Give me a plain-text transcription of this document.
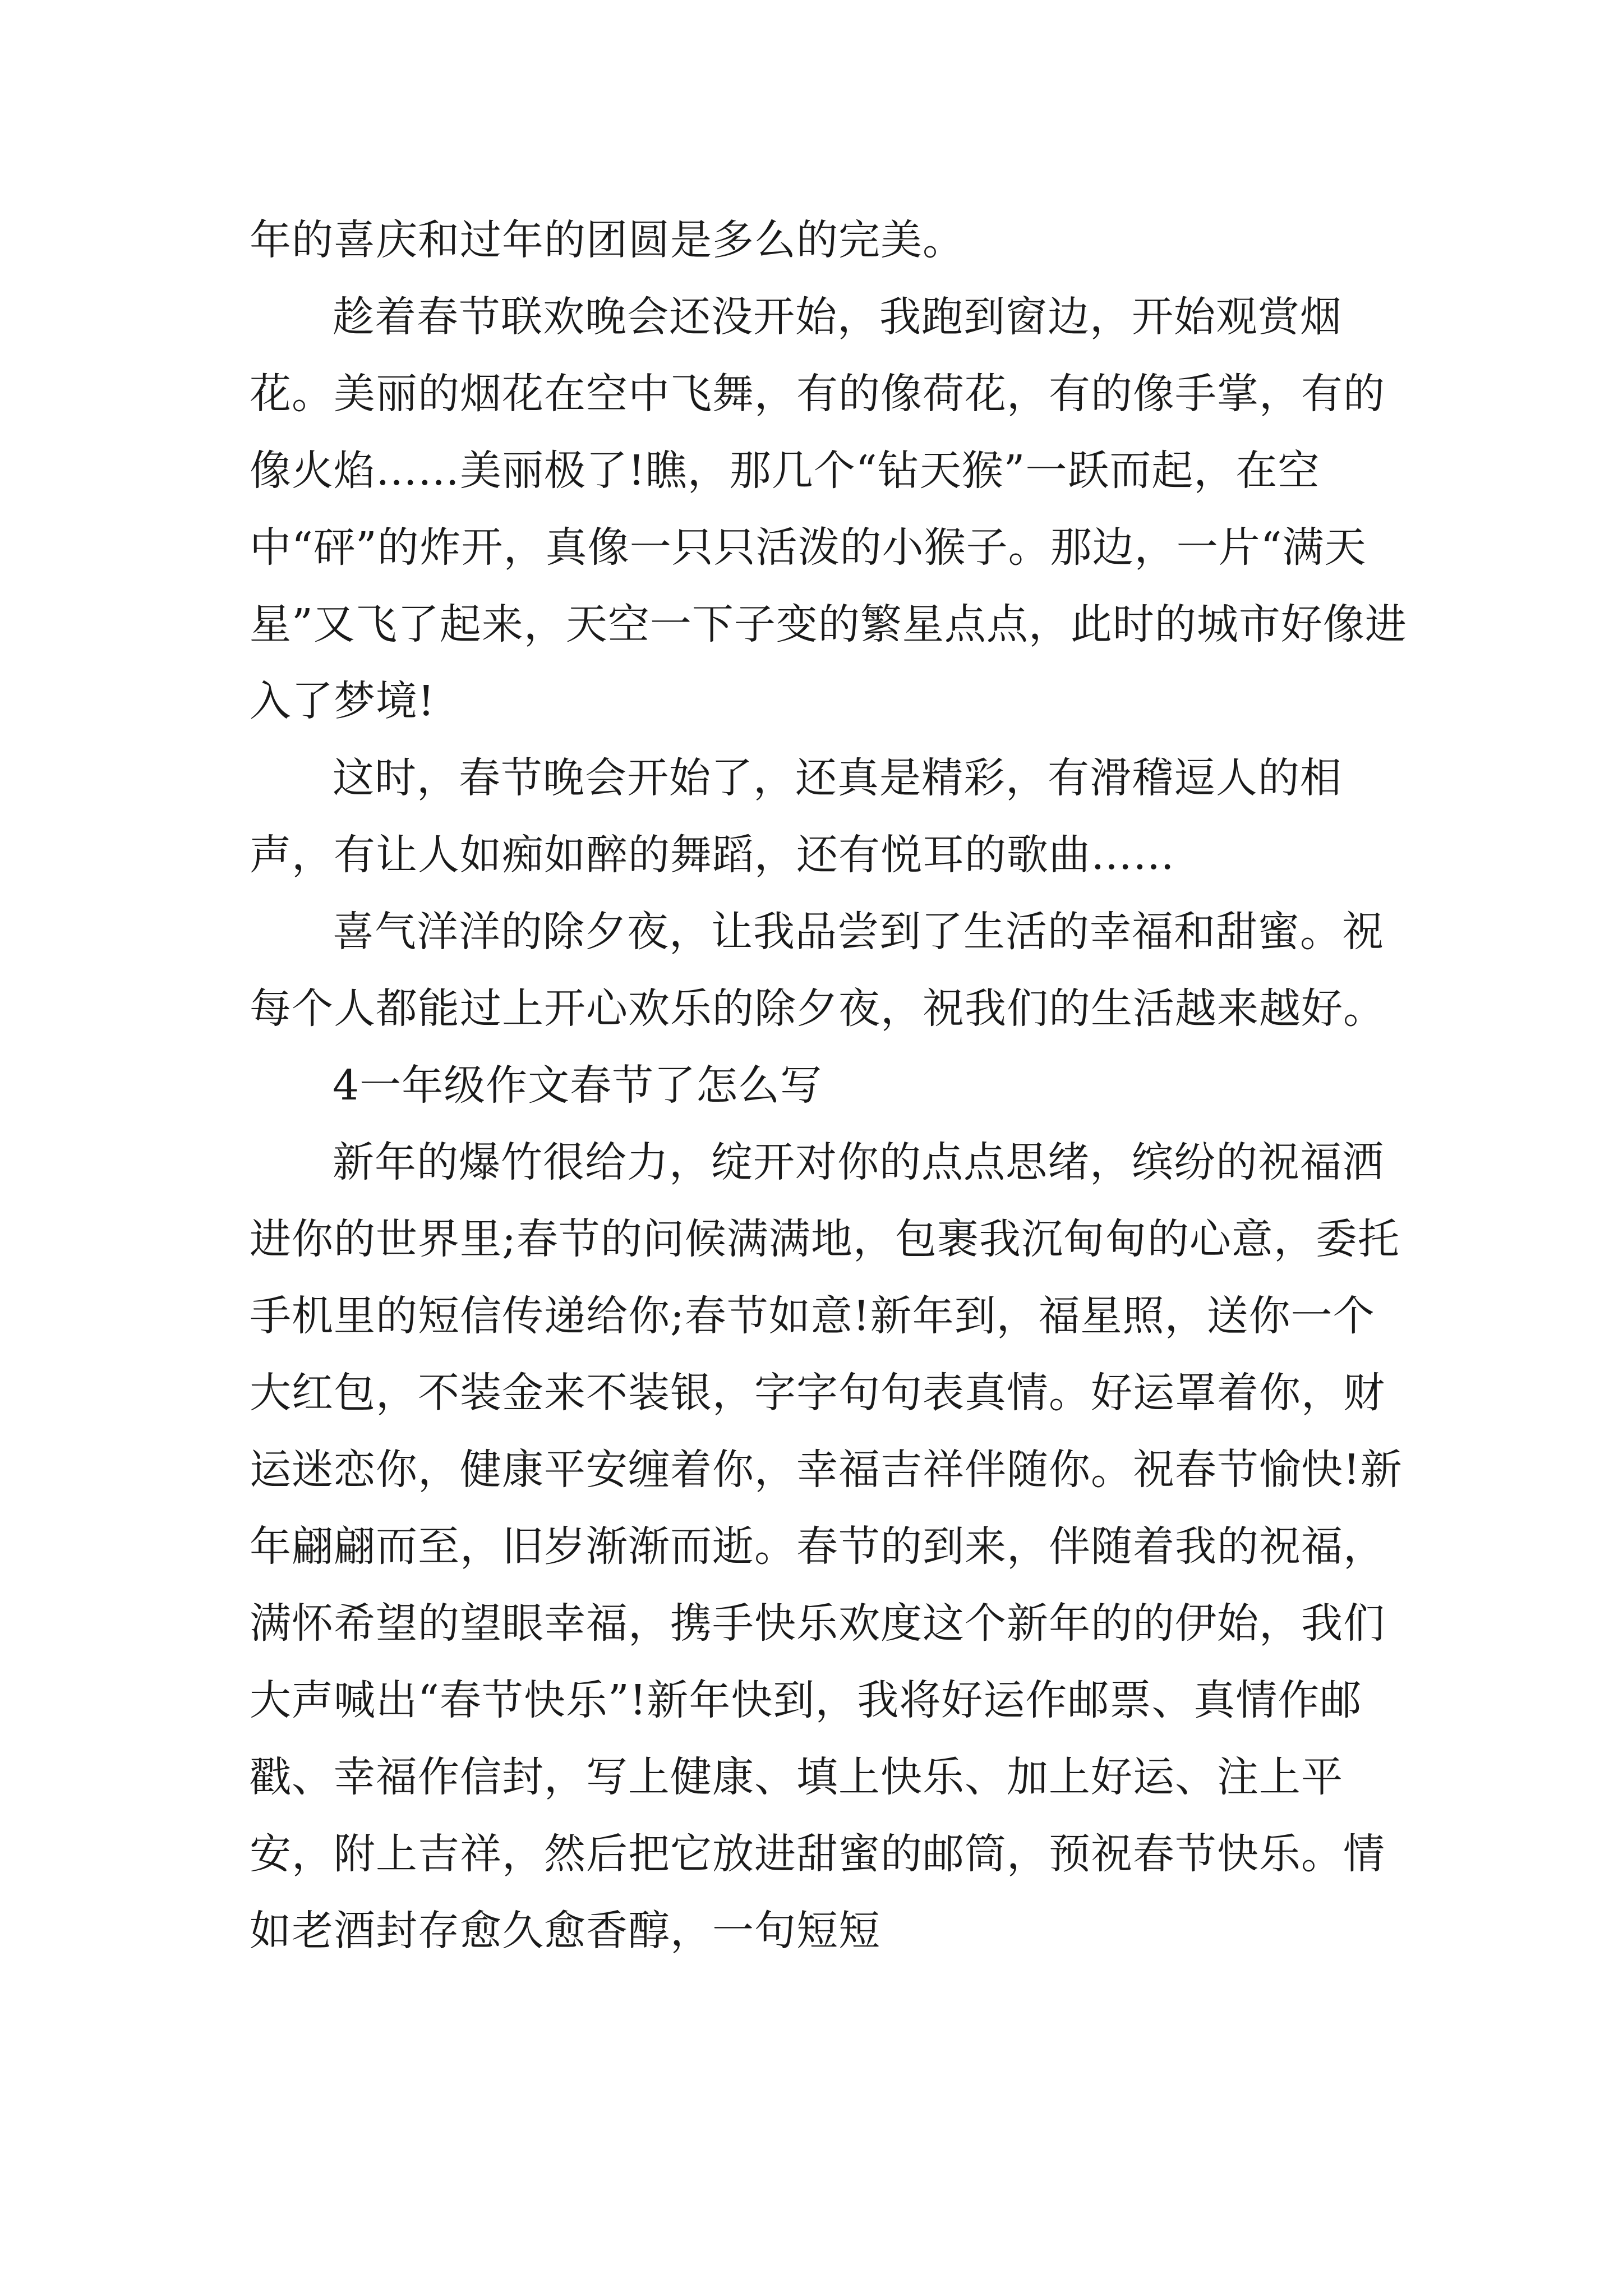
年的喜庆和过年的团圆是多么的完美。

趁着春节联欢晚会还没开始，我跑到窗边，开始观赏烟花。美丽的烟花在空中飞舞，有的像荷花，有的像手掌，有的像火焰……美丽极了!瞧，那几个“钻天猴”一跃而起，在空中“砰”的炸开，真像一只只活泼的小猴子。那边，一片“满天星”又飞了起来，天空一下子变的繁星点点，此时的城市好像进入了梦境!

这时，春节晚会开始了，还真是精彩，有滑稽逗人的相声，有让人如痴如醉的舞蹈，还有悦耳的歌曲……

喜气洋洋的除夕夜，让我品尝到了生活的幸福和甜蜜。祝每个人都能过上开心欢乐的除夕夜，祝我们的生活越来越好。

4一年级作文春节了怎么写

新年的爆竹很给力，绽开对你的点点思绪，缤纷的祝福洒进你的世界里;春节的问候满满地，包裹我沉甸甸的心意，委托手机里的短信传递给你;春节如意!新年到，福星照，送你一个大红包，不装金来不装银，字字句句表真情。好运罩着你，财运迷恋你，健康平安缠着你，幸福吉祥伴随你。祝春节愉快!新年翩翩而至，旧岁渐渐而逝。春节的到来，伴随着我的祝福，满怀希望的望眼幸福，携手快乐欢度这个新年的的伊始，我们大声喊出“春节快乐”!新年快到，我将好运作邮票、真情作邮戳、幸福作信封，写上健康、填上快乐、加上好运、注上平安，附上吉祥，然后把它放进甜蜜的邮筒，预祝春节快乐。情如老酒封存愈久愈香醇，一句短短
